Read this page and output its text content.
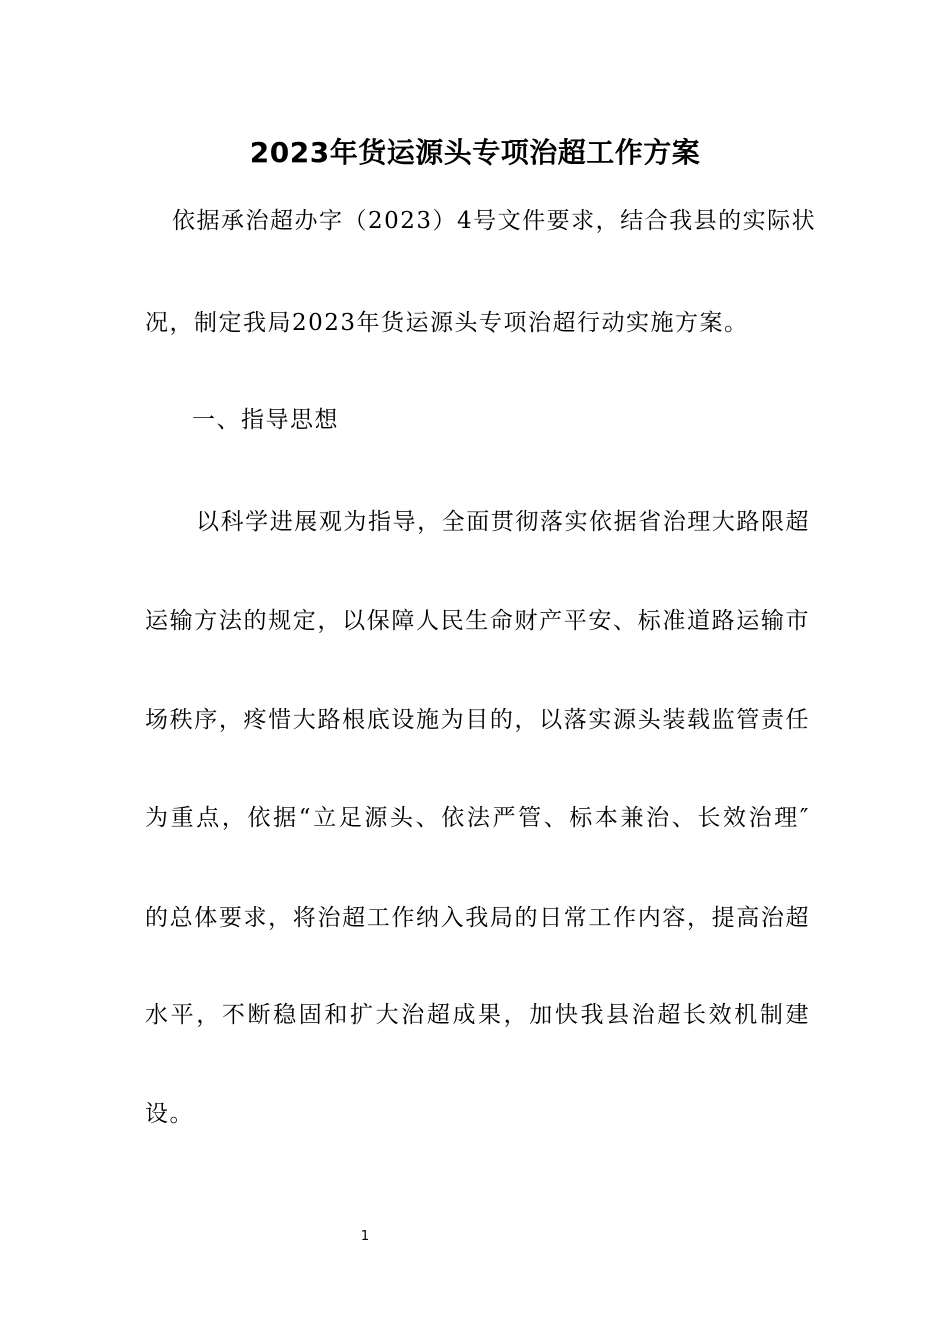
2023年货运源头专项治超工作方案
依据承治超办字（2023）4号文件要求，结合我县的实际状
况，制定我局2023年货运源头专项治超行动实施方案。
一、指导思想
以科学进展观为指导，全面贯彻落实依据省治理大路限超
运输方法的规定，以保障人民生命财产平安、标准道路运输市
场秩序，疼惜大路根底设施为目的，以落实源头装载监管责任
为重点，依据“立足源头、依法严管、标本兼治、长效治理″
的总体要求，将治超工作纳入我局的日常工作内容，提高治超
水平，不断稳固和扩大治超成果，加快我县治超长效机制建
设。
1
